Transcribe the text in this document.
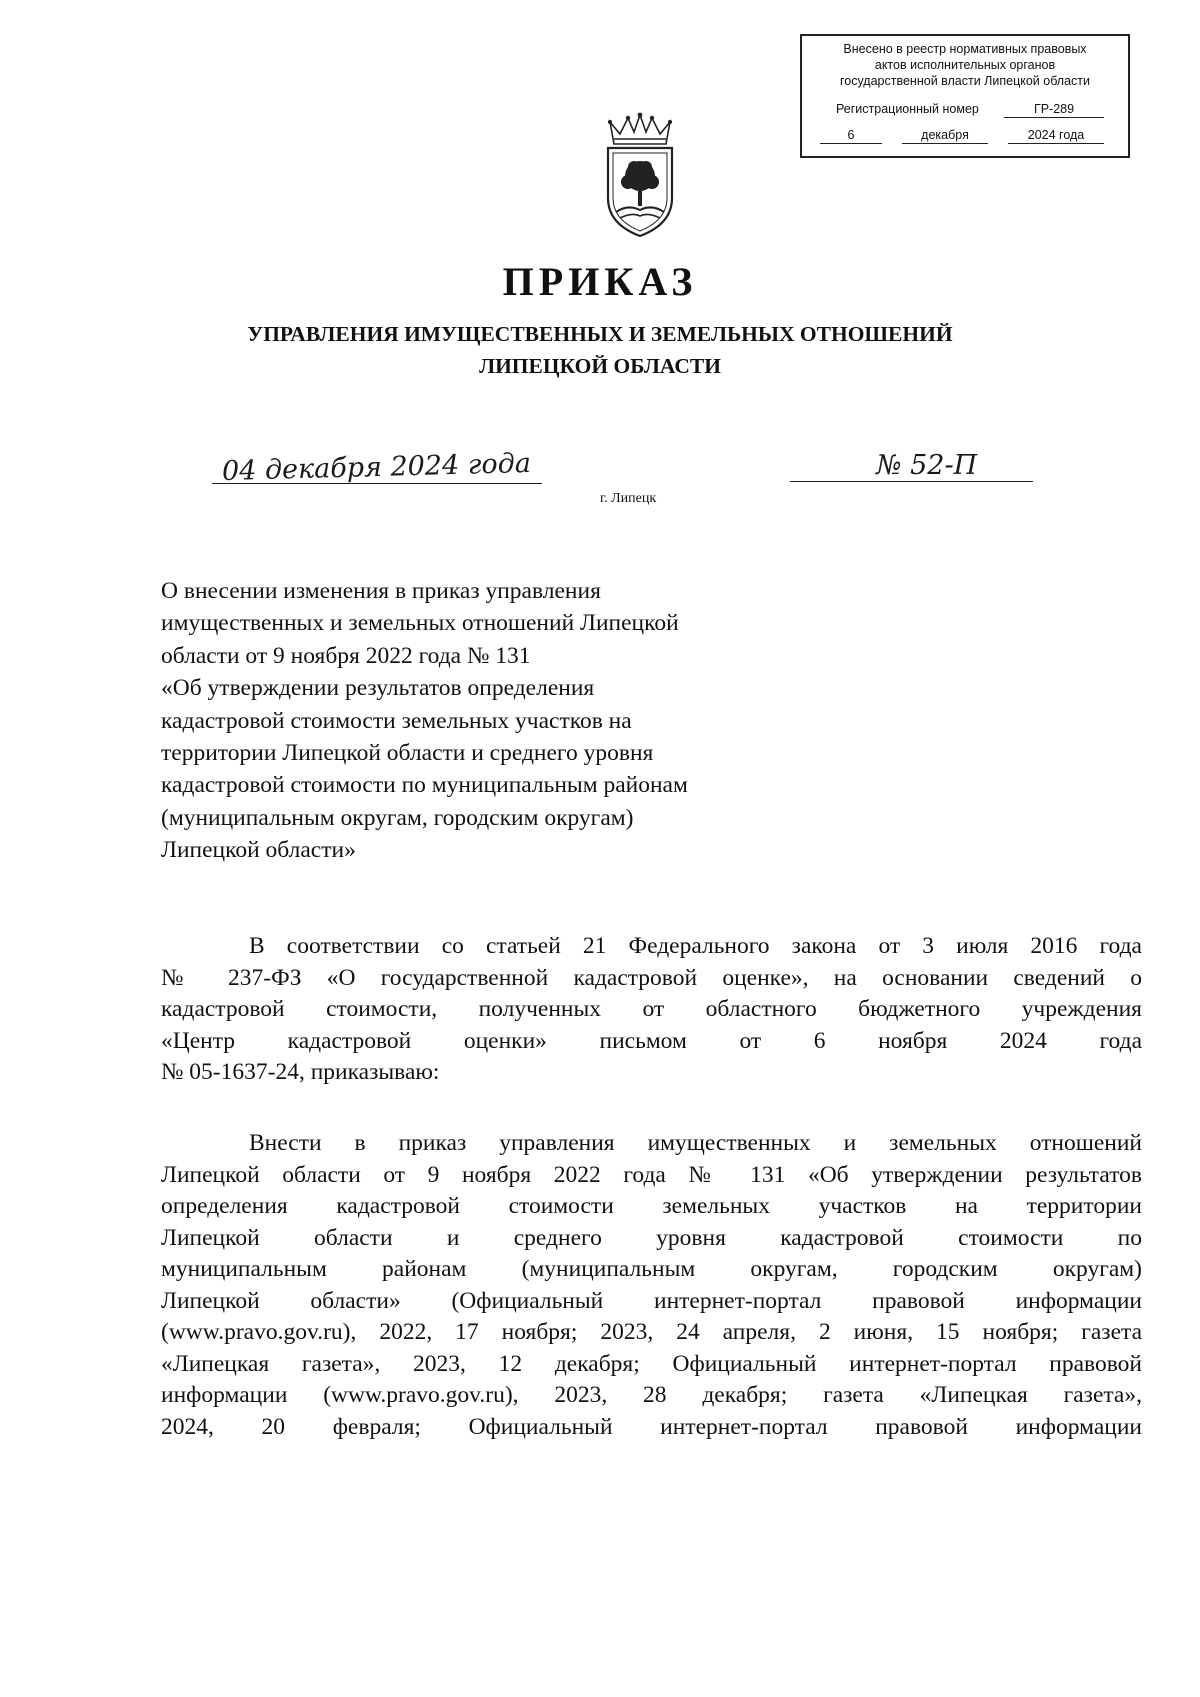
Внесено в реестр нормативных правовых
актов исполнительных органов
государственной власти Липецкой области
Регистрационный номер	ГР-289
6	декабря	2024 года
ПРИКАЗ
УПРАВЛЕНИЯ ИМУЩЕСТВЕННЫХ И ЗЕМЕЛЬНЫХ ОТНОШЕНИЙ
ЛИПЕЦКОЙ ОБЛАСТИ
04 декабря 2024 года	№ 52-П
г. Липецк
О внесении изменения в приказ управления
имущественных и земельных отношений Липецкой
области от 9 ноября 2022 года № 131
«Об утверждении результатов определения
кадастровой стоимости земельных участков на
территории Липецкой области и среднего уровня
кадастровой стоимости по муниципальным районам
(муниципальным округам, городским округам)
Липецкой области»
В соответствии со статьей 21 Федерального закона от 3 июля 2016 года
№ 237-ФЗ «О государственной кадастровой оценке», на основании сведений о
кадастровой стоимости, полученных от областного бюджетного учреждения
«Центр кадастровой оценки» письмом от 6 ноября 2024 года
№ 05-1637-24, приказываю:
Внести в приказ управления имущественных и земельных отношений
Липецкой области от 9 ноября 2022 года № 131 «Об утверждении результатов
определения кадастровой стоимости земельных участков на территории
Липецкой области и среднего уровня кадастровой стоимости по
муниципальным районам (муниципальным округам, городским округам)
Липецкой области» (Официальный интернет-портал правовой информации
(www.pravo.gov.ru), 2022, 17 ноября; 2023, 24 апреля, 2 июня, 15 ноября; газета
«Липецкая газета», 2023, 12 декабря; Официальный интернет-портал правовой
информации (www.pravo.gov.ru), 2023, 28 декабря; газета «Липецкая газета»,
2024, 20 февраля; Официальный интернет-портал правовой информации
